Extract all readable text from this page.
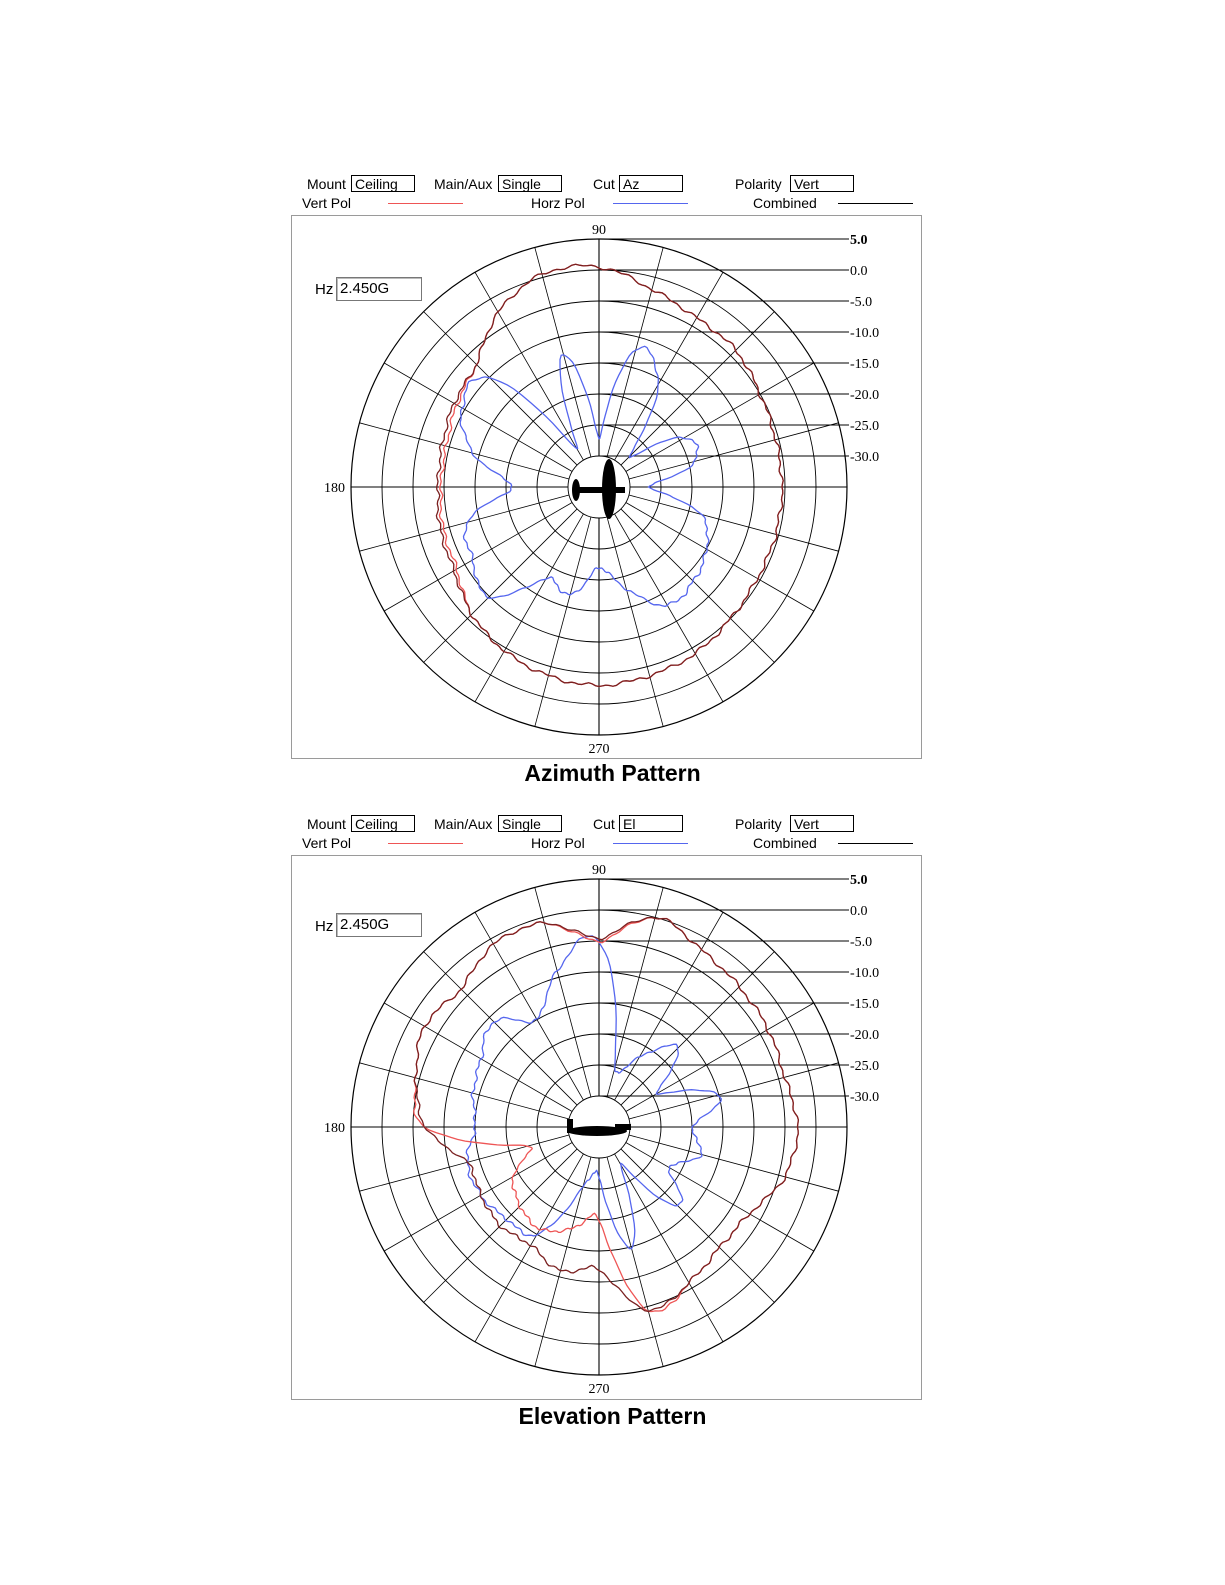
Mount Ceiling	Main/Aux Single	Cut Az	Polarity Vert
Vert Pol	Horz Pol	Combined
90
180
270
5.0
0.0
-5.0
-10.0
-15.0
-20.0
-25.0
-30.0
Hz 2.450G
Azimuth Pattern
Mount Ceiling	Main/Aux Single	Cut El	Polarity Vert
Vert Pol	Horz Pol	Combined
90
180
270
5.0
0.0
-5.0
-10.0
-15.0
-20.0
-25.0
-30.0
Hz 2.450G
Elevation Pattern
